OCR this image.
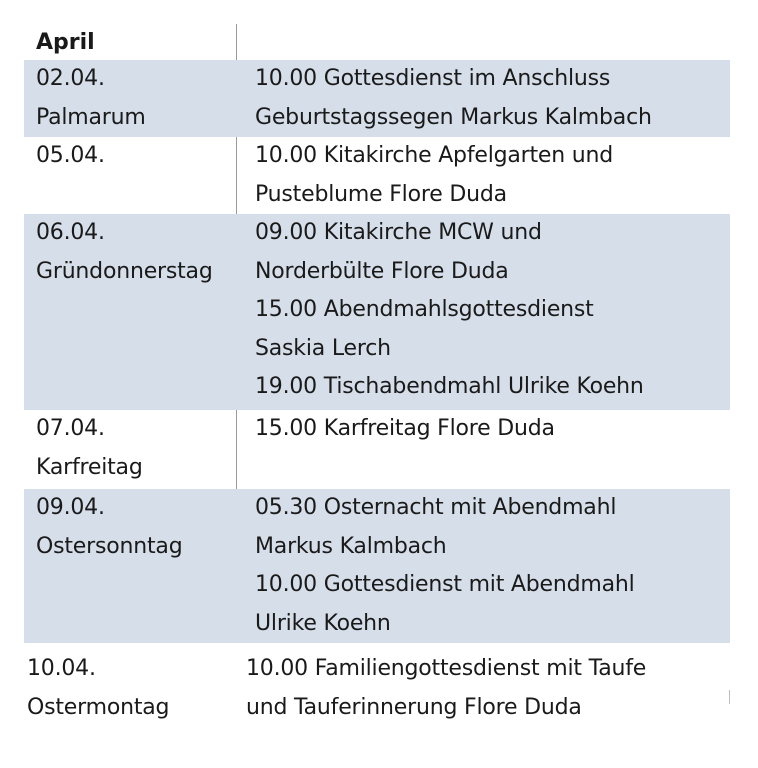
April
02.04.
Palmarum
10.00 Gottesdienst im Anschluss
Geburtstagssegen Markus Kalmbach
05.04.	10.00 Kitakirche Apfelgarten und
Pusteblume Flore Duda
06.04.
Gründonnerstag
09.00 Kitakirche MCW und
Norderbülte Flore Duda
15.00 Abendmahlsgottesdienst
Saskia Lerch
19.00 Tischabendmahl Ulrike Koehn
07.04.
Karfreitag
15.00 Karfreitag Flore Duda
09.04.
Ostersonntag
05.30 Osternacht mit Abendmahl
Markus Kalmbach
10.00 Gottesdienst mit Abendmahl
Ulrike Koehn
10.04.
Ostermontag
10.00 Familiengottesdienst mit Taufe
und Tauferinnerung Flore Duda
